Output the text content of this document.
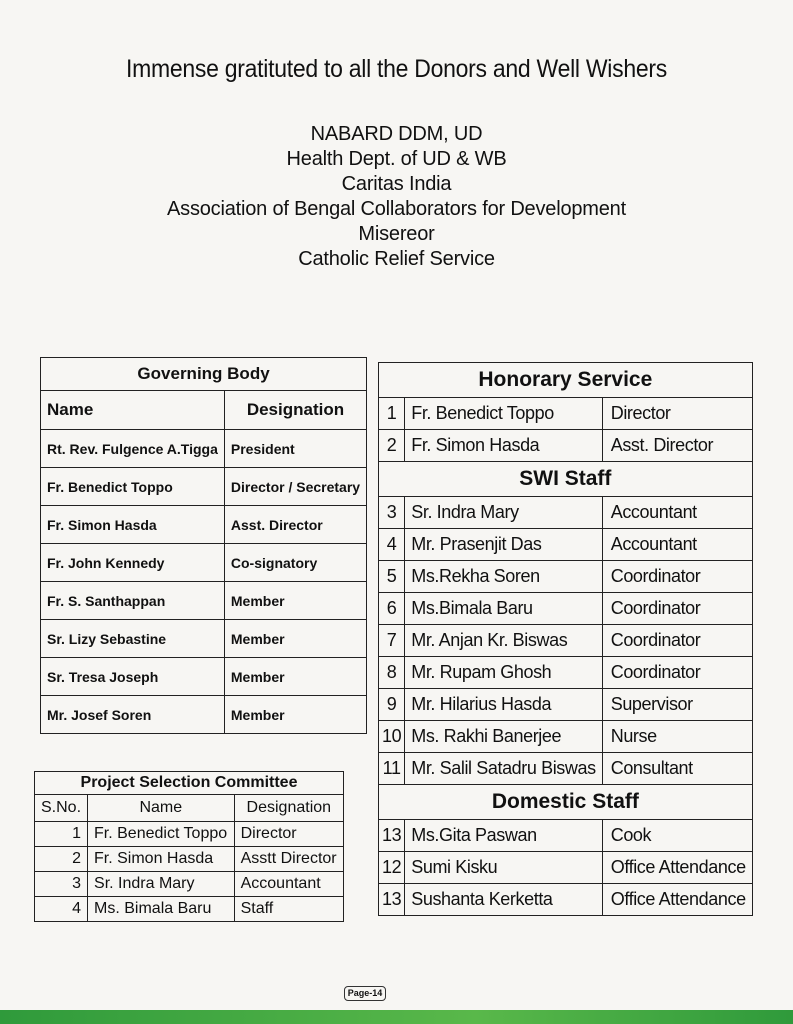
Immense gratituted to all the Donors and Well Wishers
NABARD DDM, UD
Health Dept. of UD & WB
Caritas India
Association of Bengal Collaborators for Development
Misereor
Catholic Relief Service
Governing Body	
Name	Designation
Rt. Rev. Fulgence A.Tigga	President
Fr. Benedict Toppo	Director / Secretary
Fr. Simon Hasda	Asst. Director
Fr. John Kennedy	Co-signatory
Fr. S. Santhappan	Member
Sr. Lizy Sebastine	Member
Sr. Tresa Joseph	Member
Mr. Josef Soren	Member
Project Selection Committee		
S.No.	Name	Designation
1	Fr. Benedict Toppo	Director
2	Fr. Simon Hasda	Asstt Director
3	Sr. Indra Mary	Accountant
4	Ms. Bimala Baru	Staff
Honorary Service		
1	Fr. Benedict Toppo	Director
2	Fr. Simon Hasda	Asst. Director
SWI Staff		
3	Sr. Indra Mary	Accountant
4	Mr. Prasenjit Das	Accountant
5	Ms.Rekha Soren	Coordinator
6	Ms.Bimala Baru	Coordinator
7	Mr. Anjan Kr. Biswas	Coordinator
8	Mr. Rupam Ghosh	Coordinator
9	Mr. Hilarius Hasda	Supervisor
10	Ms. Rakhi Banerjee	Nurse
11	Mr. Salil Satadru Biswas	Consultant
Domestic Staff		
13	Ms.Gita Paswan	Cook
12	Sumi Kisku	Office Attendance
13	Sushanta Kerketta	Office Attendance
Page-14
